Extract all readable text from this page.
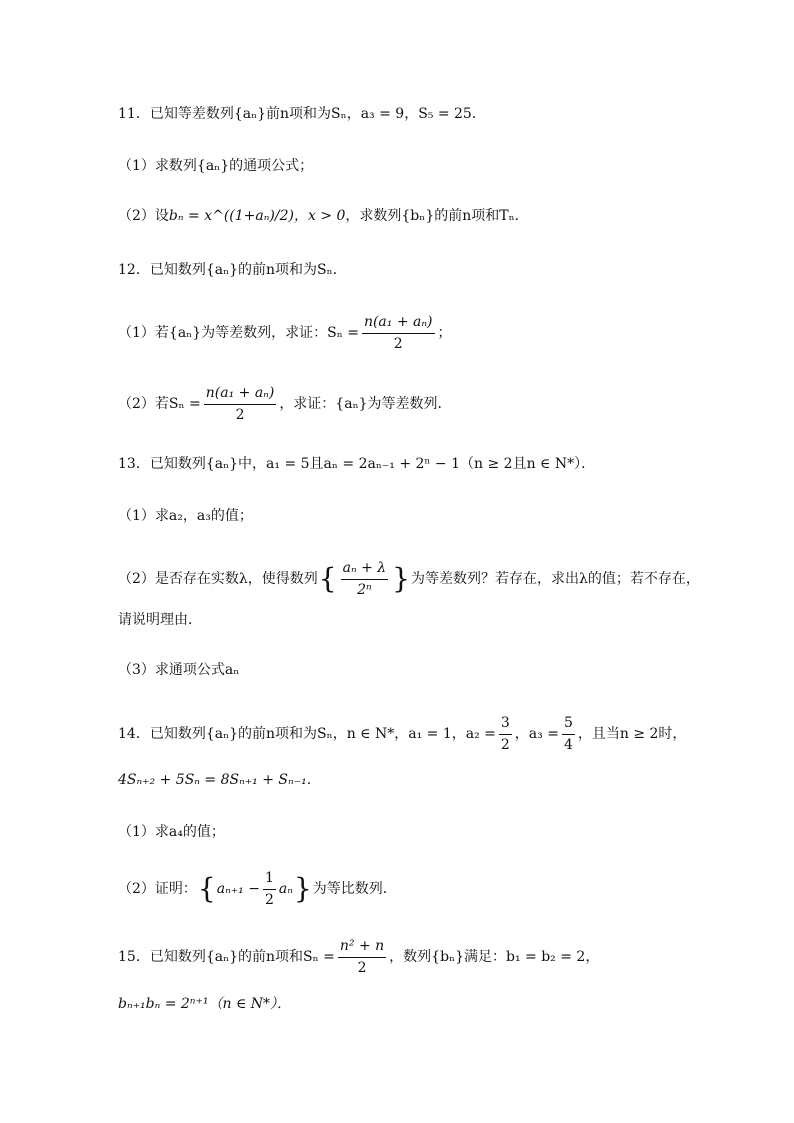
11．已知等差数列{aₙ}前n项和为Sₙ，a₃ = 9，S₅ = 25．
（1）求数列{aₙ}的通项公式；
（2）设 bₙ = x^((1+aₙ)/2)，x > 0 ，求数列{bₙ}的前n项和Tₙ．
12．已知数列{aₙ}的前n项和为Sₙ．
（1）若{aₙ}为等差数列，求证：$S_n = \frac{\text{n(a₁ + aₙ)}}{2}$ ；
（2）若$S_n = \frac{\text{n(a₁ + aₙ)}}{2}$ ，求证：{aₙ}为等差数列．
13．已知数列{aₙ}中，a₁ = 5且aₙ = 2aₙ₋₁ + 2ⁿ − 1（n ≥ 2且n ∈ N*）．
（1）求a₂，a₃的值；
（2）是否存在实数λ，使得数列 { $\frac{\text{aₙ + λ}}{\text{2ⁿ}}$ } 为等差数列？若存在，求出λ的值；若不存在，
请说明理由．
（3）求通项公式aₙ
14．已知数列{aₙ}的前n项和为Sₙ，n ∈ N*，a₁ = 1，$a_2 = \frac{3}{2}$ ，$a_3 = \frac{5}{4}$ ，且当n ≥ 2时，
4Sₙ₊₂ + 5Sₙ = 8Sₙ₊₁ + Sₙ₋₁．
（1）求a₄的值；
（2）证明： { $a_{n+1} - \frac{1}{2}$ aₙ } 为等比数列．
15．已知数列{aₙ}的前n项和$S_n = \frac{\text{n² + n}}{2}$ ，数列{bₙ}满足：b₁ = b₂ = 2，
bₙ₊₁bₙ = 2ⁿ⁺¹（n ∈ N*）．
